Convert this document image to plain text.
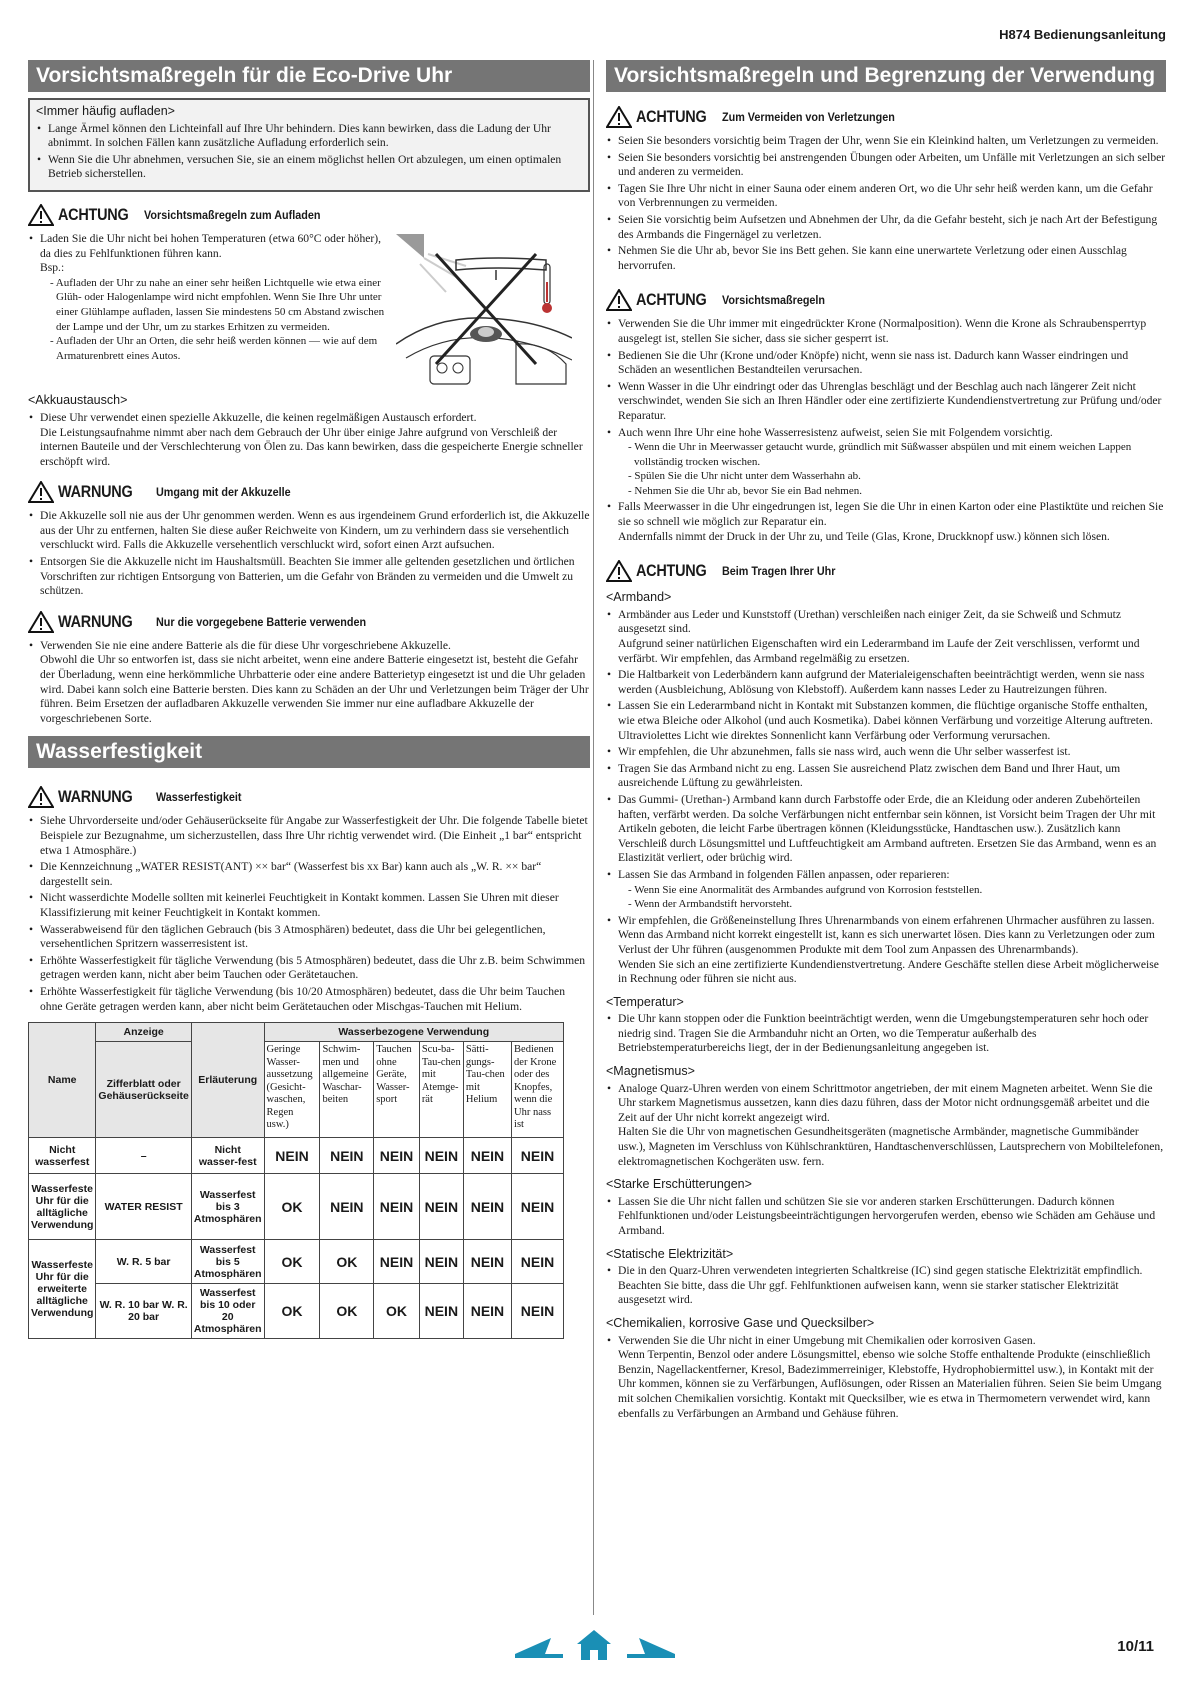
H874 Bedienungsanleitung
Vorsichtsmaßregeln für die Eco-Drive Uhr
<Immer häufig aufladen>
• Lange Ärmel können den Lichteinfall auf Ihre Uhr behindern. Dies kann bewirken, dass die Ladung der Uhr abnimmt. In solchen Fällen kann zusätzliche Aufladung erforderlich sein.
• Wenn Sie die Uhr abnehmen, versuchen Sie, sie an einem möglichst hellen Ort abzulegen, um einen optimalen Betrieb sicherstellen.
ACHTUNG Vorsichtsmaßregeln zum Aufladen
• Laden Sie die Uhr nicht bei hohen Temperaturen (etwa 60°C oder höher), da dies zu Fehlfunktionen führen kann.
Bsp.:
- Aufladen der Uhr zu nahe an einer sehr heißen Lichtquelle wie etwa einer Glüh- oder Halogenlampe wird nicht empfohlen. Wenn Sie Ihre Uhr unter einer Glühlampe aufladen, lassen Sie mindestens 50 cm Abstand zwischen der Lampe und der Uhr, um zu starkes Erhitzen zu vermeiden.
- Aufladen der Uhr an Orten, die sehr heiß werden können — wie auf dem Armaturenbrett eines Autos.
<Akkuaustausch>
• Diese Uhr verwendet einen spezielle Akkuzelle, die keinen regelmäßigen Austausch erfordert.
Die Leistungsaufnahme nimmt aber nach dem Gebrauch der Uhr über einige Jahre aufgrund von Verschleiß der internen Bauteile und der Verschlechterung von Ölen zu. Das kann bewirken, dass die gespeicherte Energie schneller erschöpft wird.
WARNUNG Umgang mit der Akkuzelle
• Die Akkuzelle soll nie aus der Uhr genommen werden. Wenn es aus irgendeinem Grund erforderlich ist, die Akkuzelle aus der Uhr zu entfernen, halten Sie diese außer Reichweite von Kindern, um zu verhindern dass sie versehentlich verschluckt wird. Falls die Akkuzelle versehentlich verschluckt wird, sofort einen Arzt aufsuchen.
• Entsorgen Sie die Akkuzelle nicht im Haushaltsmüll. Beachten Sie immer alle geltenden gesetzlichen und örtlichen Vorschriften zur richtigen Entsorgung von Batterien, um die Gefahr von Bränden zu vermeiden und die Umwelt zu schützen.
WARNUNG Nur die vorgegebene Batterie verwenden
• Verwenden Sie nie eine andere Batterie als die für diese Uhr vorgeschriebene Akkuzelle.
Obwohl die Uhr so entworfen ist, dass sie nicht arbeitet, wenn eine andere Batterie eingesetzt ist, besteht die Gefahr der Überladung, wenn eine herkömmliche Uhrbatterie oder eine andere Batterietyp eingesetzt ist und die Uhr geladen wird. Dabei kann solch eine Batterie bersten. Dies kann zu Schäden an der Uhr und Verletzungen beim Träger der Uhr führen. Beim Ersetzen der aufladbaren Akkuzelle verwenden Sie immer nur eine aufladbare Akkuzelle der vorgeschriebenen Sorte.
Wasserfestigkeit
WARNUNG Wasserfestigkeit
• Siehe Uhrvorderseite und/oder Gehäuserückseite für Angabe zur Wasserfestigkeit der Uhr. Die folgende Tabelle bietet Beispiele zur Bezugnahme, um sicherzustellen, dass Ihre Uhr richtig verwendet wird. (Die Einheit „1 bar“ entspricht etwa 1 Atmosphäre.)
• Die Kennzeichnung „WATER RESIST(ANT) ×× bar“ (Wasserfest bis xx Bar) kann auch als „W. R. ×× bar“ dargestellt sein.
• Nicht wasserdichte Modelle sollten mit keinerlei Feuchtigkeit in Kontakt kommen. Lassen Sie Uhren mit dieser Klassifizierung mit keiner Feuchtigkeit in Kontakt kommen.
• Wasserabweisend für den täglichen Gebrauch (bis 3 Atmosphären) bedeutet, dass die Uhr bei gelegentlichen, versehentlichen Spritzern wasserresistent ist.
• Erhöhte Wasserfestigkeit für tägliche Verwendung (bis 5 Atmosphären) bedeutet, dass die Uhr z.B. beim Schwimmen getragen werden kann, nicht aber beim Tauchen oder Gerätetauchen.
• Erhöhte Wasserfestigkeit für tägliche Verwendung (bis 10/20 Atmosphären) bedeutet, dass die Uhr beim Tauchen ohne Geräte getragen werden kann, aber nicht beim Gerätetauchen oder Mischgas-Tauchen mit Helium.
Name	Anzeige	Erläuterung	Wasserbezogene Verwendung					
	Zifferblatt oder Gehäuserückseite		Geringe Wasser-aussetzung (Gesicht-waschen, Regen usw.)	Schwim-men und allgemeine Waschar-beiten	Tauchen ohne Geräte, Wasser-sport	Scu-ba-Tau-chen mit Atemge-rät	Sätti-gungs-Tau-chen mit Helium	Bedienen der Krone oder des Knopfes, wenn die Uhr nass ist
Nicht wasserfest	–	Nicht wasser-fest	NEIN	NEIN	NEIN	NEIN	NEIN	NEIN
Wasserfeste Uhr für die alltägliche Verwendung	WATER RESIST	Wasserfest bis 3 Atmosphären	OK	NEIN	NEIN	NEIN	NEIN	NEIN
Wasserfeste Uhr für die erweiterte alltägliche Verwendung	W. R. 5 bar	Wasserfest bis 5 Atmosphären	OK	OK	NEIN	NEIN	NEIN	NEIN
	W. R. 10 bar W. R. 20 bar	Wasserfest bis 10 oder 20 Atmosphären	OK	OK	OK	NEIN	NEIN	NEIN
Vorsichtsmaßregeln und Begrenzung der Verwendung
ACHTUNG Zum Vermeiden von Verletzungen
• Seien Sie besonders vorsichtig beim Tragen der Uhr, wenn Sie ein Kleinkind halten, um Verletzungen zu vermeiden.
• Seien Sie besonders vorsichtig bei anstrengenden Übungen oder Arbeiten, um Unfälle mit Verletzungen an sich selber und anderen zu vermeiden.
• Tagen Sie Ihre Uhr nicht in einer Sauna oder einem anderen Ort, wo die Uhr sehr heiß werden kann, um die Gefahr von Verbrennungen zu vermeiden.
• Seien Sie vorsichtig beim Aufsetzen und Abnehmen der Uhr, da die Gefahr besteht, sich je nach Art der Befestigung des Armbands die Fingernägel zu verletzen.
• Nehmen Sie die Uhr ab, bevor Sie ins Bett gehen. Sie kann eine unerwartete Verletzung oder einen Ausschlag hervorrufen.
ACHTUNG Vorsichtsmaßregeln
• Verwenden Sie die Uhr immer mit eingedrückter Krone (Normalposition). Wenn die Krone als Schraubensperrtyp ausgelegt ist, stellen Sie sicher, dass sie sicher gesperrt ist.
• Bedienen Sie die Uhr (Krone und/oder Knöpfe) nicht, wenn sie nass ist. Dadurch kann Wasser eindringen und Schäden an wesentlichen Bestandteilen verursachen.
• Wenn Wasser in die Uhr eindringt oder das Uhrenglas beschlägt und der Beschlag auch nach längerer Zeit nicht verschwindet, wenden Sie sich an Ihren Händler oder eine zertifizierte Kundendienstvertretung zur Prüfung und/oder Reparatur.
• Auch wenn Ihre Uhr eine hohe Wasserresistenz aufweist, seien Sie mit Folgendem vorsichtig.
- Wenn die Uhr in Meerwasser getaucht wurde, gründlich mit Süßwasser abspülen und mit einem weichen Lappen vollständig trocken wischen.
- Spülen Sie die Uhr nicht unter dem Wasserhahn ab.
- Nehmen Sie die Uhr ab, bevor Sie ein Bad nehmen.
• Falls Meerwasser in die Uhr eingedrungen ist, legen Sie die Uhr in einen Karton oder eine Plastiktüte und reichen Sie sie so schnell wie möglich zur Reparatur ein.
Andernfalls nimmt der Druck in der Uhr zu, und Teile (Glas, Krone, Druckknopf usw.) können sich lösen.
ACHTUNG Beim Tragen Ihrer Uhr
<Armband>
• Armbänder aus Leder und Kunststoff (Urethan) verschleißen nach einiger Zeit, da sie Schweiß und Schmutz ausgesetzt sind.
Aufgrund seiner natürlichen Eigenschaften wird ein Lederarmband im Laufe der Zeit verschlissen, verformt und verfärbt. Wir empfehlen, das Armband regelmäßig zu ersetzen.
• Die Haltbarkeit von Lederbändern kann aufgrund der Materialeigenschaften beeinträchtigt werden, wenn sie nass werden (Ausbleichung, Ablösung von Klebstoff). Außerdem kann nasses Leder zu Hautreizungen führen.
• Lassen Sie ein Lederarmband nicht in Kontakt mit Substanzen kommen, die flüchtige organische Stoffe enthalten, wie etwa Bleiche oder Alkohol (und auch Kosmetika). Dabei können Verfärbung und vorzeitige Alterung auftreten. Ultraviolettes Licht wie direktes Sonnenlicht kann Verfärbung oder Verformung verursachen.
• Wir empfehlen, die Uhr abzunehmen, falls sie nass wird, auch wenn die Uhr selber wasserfest ist.
• Tragen Sie das Armband nicht zu eng. Lassen Sie ausreichend Platz zwischen dem Band und Ihrer Haut, um ausreichende Lüftung zu gewährleisten.
• Das Gummi- (Urethan-) Armband kann durch Farbstoffe oder Erde, die an Kleidung oder anderen Zubehörteilen haften, verfärbt werden. Da solche Verfärbungen nicht entfernbar sein können, ist Vorsicht beim Tragen der Uhr mit Artikeln geboten, die leicht Farbe übertragen können (Kleidungsstücke, Handtaschen usw.). Zusätzlich kann Verschleiß durch Lösungsmittel und Luftfeuchtigkeit am Armband auftreten. Ersetzen Sie das Armband, wenn es an Elastizität verliert, oder brüchig wird.
• Lassen Sie das Armband in folgenden Fällen anpassen, oder reparieren:
- Wenn Sie eine Anormalität des Armbandes aufgrund von Korrosion feststellen.
- Wenn der Armbandstift hervorsteht.
• Wir empfehlen, die Größeneinstellung Ihres Uhrenarmbands von einem erfahrenen Uhrmacher ausführen zu lassen. Wenn das Armband nicht korrekt eingestellt ist, kann es sich unerwartet lösen. Dies kann zu Verletzungen oder zum Verlust der Uhr führen (ausgenommen Produkte mit dem Tool zum Anpassen des Uhrenarmbands).
Wenden Sie sich an eine zertifizierte Kundendienstvertretung. Andere Geschäfte stellen diese Arbeit möglicherweise in Rechnung oder führen sie nicht aus.
<Temperatur>
• Die Uhr kann stoppen oder die Funktion beeinträchtigt werden, wenn die Umgebungstemperaturen sehr hoch oder niedrig sind. Tragen Sie die Armbanduhr nicht an Orten, wo die Temperatur außerhalb des Betriebstemperaturbereichs liegt, der in der Bedienungsanleitung angegeben ist.
<Magnetismus>
• Analoge Quarz-Uhren werden von einem Schrittmotor angetrieben, der mit einem Magneten arbeitet. Wenn Sie die Uhr starkem Magnetismus aussetzen, kann dies dazu führen, dass der Motor nicht ordnungsgemäß arbeitet und die Zeit auf der Uhr nicht korrekt angezeigt wird.
Halten Sie die Uhr von magnetischen Gesundheitsgeräten (magnetische Armbänder, magnetische Gummibänder usw.), Magneten im Verschluss von Kühlschranktüren, Handtaschenverschlüssen, Lautsprechern von Mobiltelefonen, elektromagnetischen Kochgeräten usw. fern.
<Starke Erschütterungen>
• Lassen Sie die Uhr nicht fallen und schützen Sie sie vor anderen starken Erschütterungen. Dadurch können Fehlfunktionen und/oder Leistungsbeeinträchtigungen hervorgerufen werden, ebenso wie Schäden am Gehäuse und Armband.
<Statische Elektrizität>
• Die in den Quarz-Uhren verwendeten integrierten Schaltkreise (IC) sind gegen statische Elektrizität empfindlich. Beachten Sie bitte, dass die Uhr ggf. Fehlfunktionen aufweisen kann, wenn sie starker statischer Elektrizität ausgesetzt wird.
<Chemikalien, korrosive Gase und Quecksilber>
• Verwenden Sie die Uhr nicht in einer Umgebung mit Chemikalien oder korrosiven Gasen.
Wenn Terpentin, Benzol oder andere Lösungsmittel, ebenso wie solche Stoffe enthaltende Produkte (einschließlich Benzin, Nagellackentferner, Kresol, Badezimmerreiniger, Klebstoffe, Hydrophobiermittel usw.), in Kontakt mit der Uhr kommen, können sie zu Verfärbungen, Auflösungen, oder Rissen an Materialien führen. Seien Sie beim Umgang mit solchen Chemikalien vorsichtig. Kontakt mit Quecksilber, wie es etwa in Thermometern verwendet wird, kann ebenfalls zu Verfärbungen an Armband und Gehäuse führen.
10/11
